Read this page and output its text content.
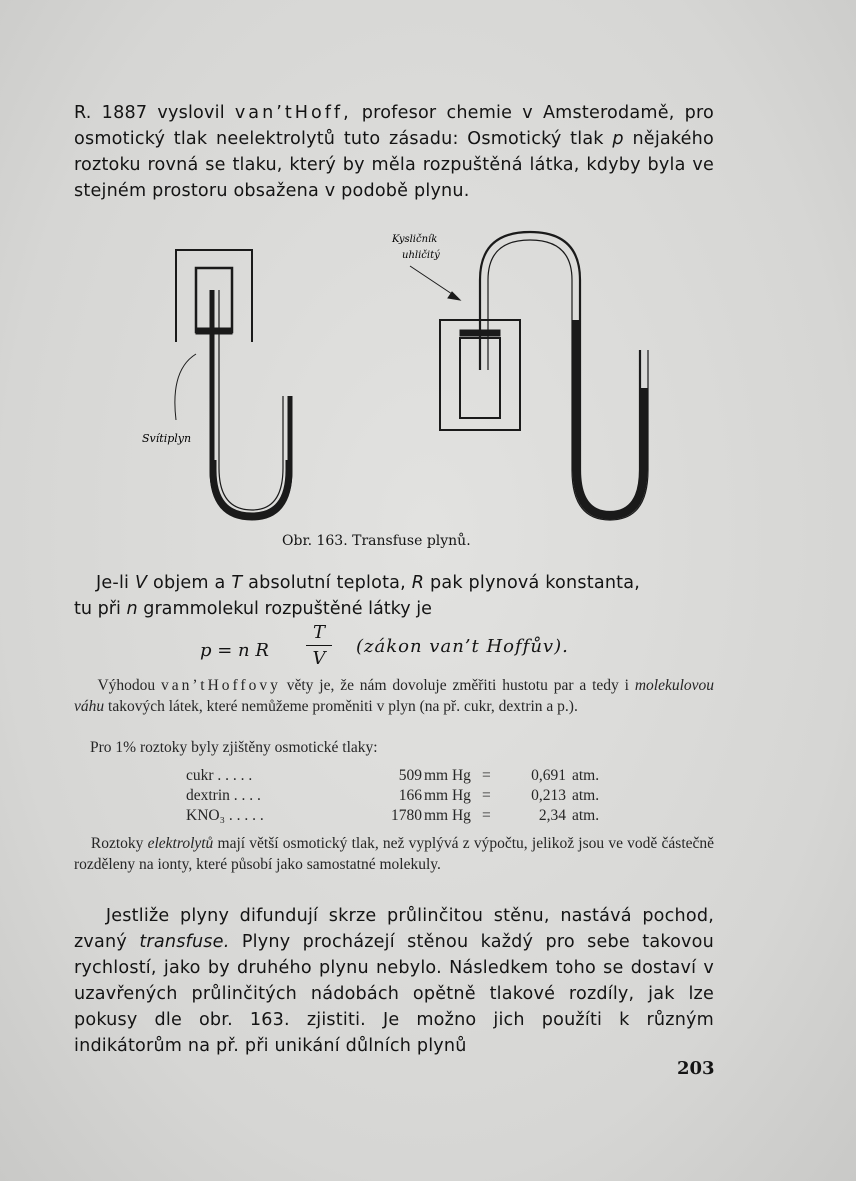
R. 1887 vyslovil van’tHoff, profesor chemie v Amsterodamě, pro osmotický tlak neelektrolytů tuto zásadu: Osmotický tlak p nějakého roztoku rovná se tlaku, který by měla rozpuštěná látka, kdyby byla ve stejném prostoru obsažena v podobě plynu.
Svítiplyn
Kysličník
uhličitý
Obr. 163. Transfuse plynů.
Je-li V objem a T absolutní teplota, R pak plynová konstanta,
tu při n grammolekul rozpuštěné látky je
p = n R
T
V
(zákon van’t Hoffův).
Výhodou van’tHoffovy věty je, že nám dovoluje změřiti hustotu par a tedy i molekulovou váhu takových látek, které nemůžeme proměniti v plyn (na př. cukr, dextrin a p.).
Pro 1% roztoky byly zjištěny osmotické tlaky:
cukr . . . . .	509 mm Hg =	0,691 atm.
dextrin . . . .	166 mm Hg =	0,213 atm.
KNO₃ . . . . .	1780 mm Hg =	2,34 atm.
Roztoky elektrolytů mají větší osmotický tlak, než vyplývá z výpočtu, jelikož jsou ve vodě částečně rozděleny na ionty, které působí jako samostatné molekuly.
Jestliže plyny difundují skrze průlinčitou stěnu, nastává pochod, zvaný transfuse. Plyny procházejí stěnou každý pro sebe takovou rychlostí, jako by druhého plynu nebylo. Následkem toho se dostaví v uzavřených průlinčitých nádobách opětně tlakové rozdíly, jak lze pokusy dle obr. 163. zjistiti. Je možno jich použíti k různým indikátorům na př. při unikání důlních plynů
203
